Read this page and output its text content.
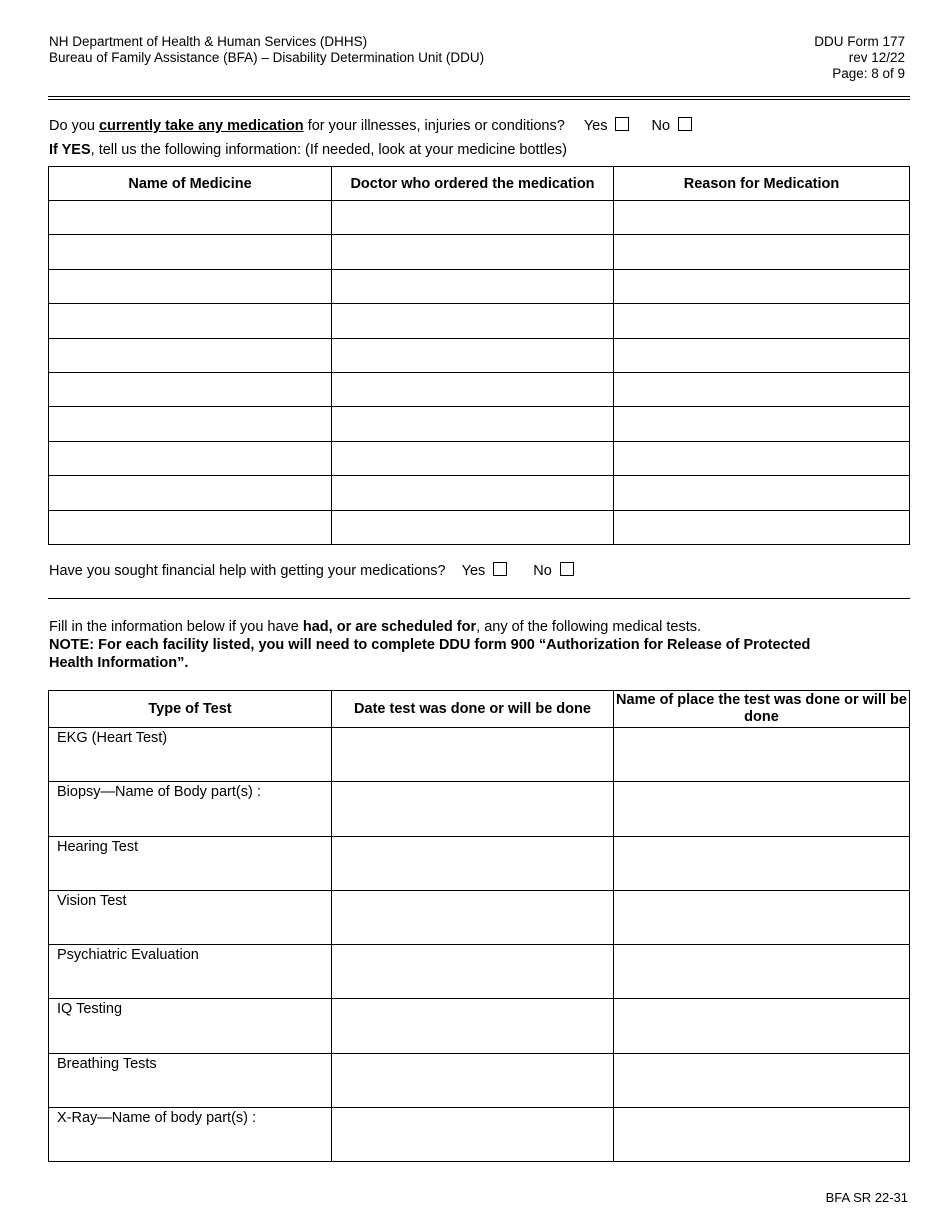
NH Department of Health & Human Services (DHHS)
Bureau of Family Assistance (BFA) – Disability Determination Unit (DDU)
DDU Form 177
rev 12/22
Page: 8 of 9
Do you currently take any medication for your illnesses, injuries or conditions? Yes	No
If YES, tell us the following information: (If needed, look at your medicine bottles)
Name of Medicine	Doctor who ordered the medication	Reason for Medication

Have you sought financial help with getting your medications? Yes	No
Fill in the information below if you have had, or are scheduled for, any of the following medical tests.
NOTE: For each facility listed, you will need to complete DDU form 900 “Authorization for Release of Protected
Health Information”.
Type of Test	Date test was done or will be done	Name of place the test was done or will be done
EKG (Heart Test)		
Biopsy—Name of Body part(s) :		
Hearing Test		
Vision Test		
Psychiatric Evaluation		
IQ Testing		
Breathing Tests		
X-Ray—Name of body part(s) :		
BFA SR 22-31
